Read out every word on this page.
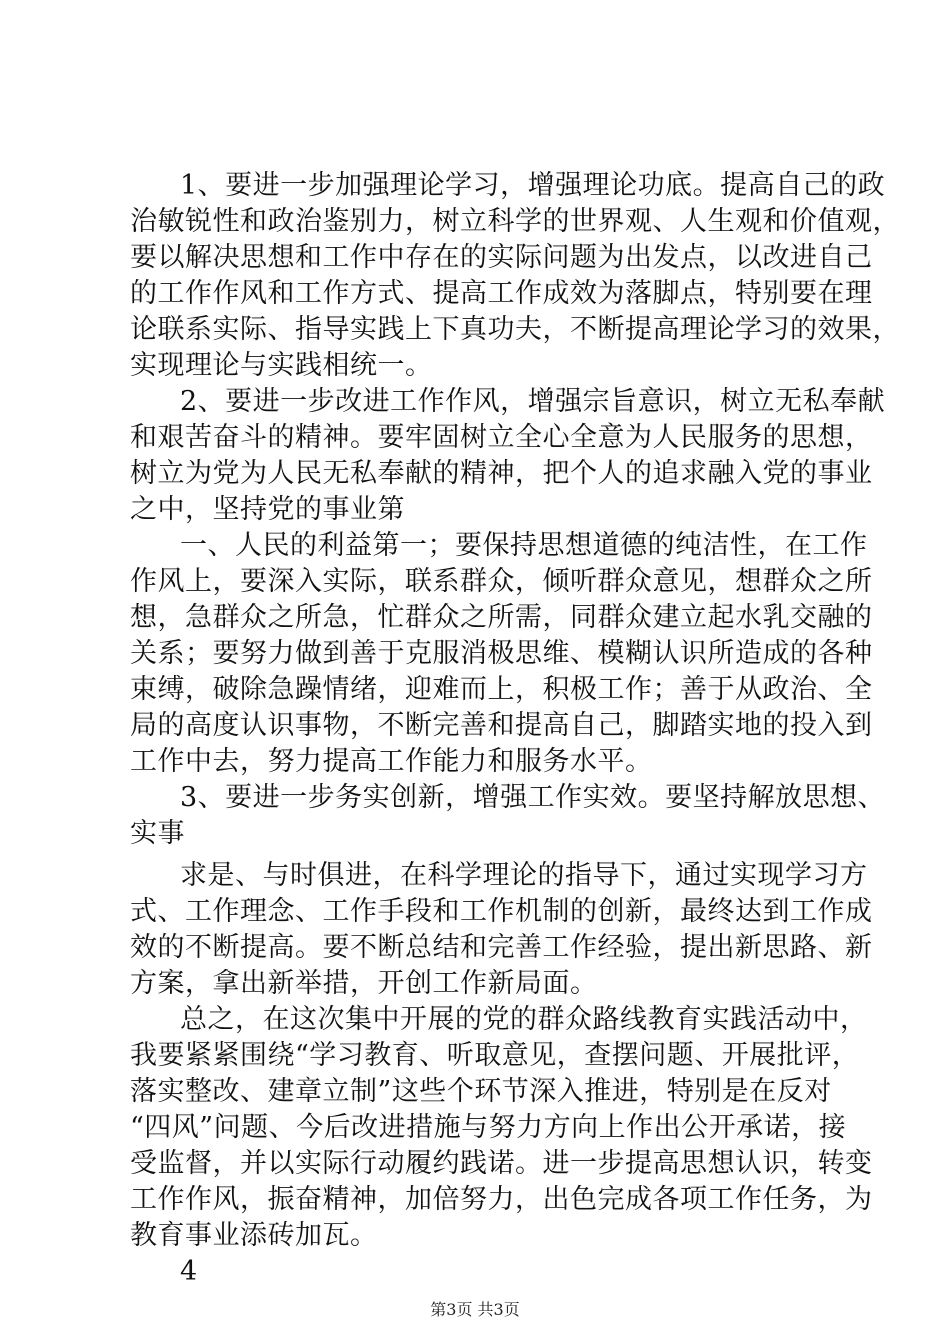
1、要进一步加强理论学习，增强理论功底。提高自己的政
治敏锐性和政治鉴别力，树立科学的世界观、人生观和价值观，
要以解决思想和工作中存在的实际问题为出发点，以改进自己
的工作作风和工作方式、提高工作成效为落脚点，特别要在理
论联系实际、指导实践上下真功夫，不断提高理论学习的效果，
实现理论与实践相统一。
2、要进一步改进工作作风，增强宗旨意识，树立无私奉献
和艰苦奋斗的精神。要牢固树立全心全意为人民服务的思想，
树立为党为人民无私奉献的精神，把个人的追求融入党的事业
之中，坚持党的事业第
一、人民的利益第一；要保持思想道德的纯洁性，在工作
作风上，要深入实际，联系群众，倾听群众意见，想群众之所
想，急群众之所急，忙群众之所需，同群众建立起水乳交融的
关系；要努力做到善于克服消极思维、模糊认识所造成的各种
束缚，破除急躁情绪，迎难而上，积极工作；善于从政治、全
局的高度认识事物，不断完善和提高自己，脚踏实地的投入到
工作中去，努力提高工作能力和服务水平。
3、要进一步务实创新，增强工作实效。要坚持解放思想、
实事
求是、与时俱进，在科学理论的指导下，通过实现学习方
式、工作理念、工作手段和工作机制的创新，最终达到工作成
效的不断提高。要不断总结和完善工作经验，提出新思路、新
方案，拿出新举措，开创工作新局面。
总之，在这次集中开展的党的群众路线教育实践活动中，
我要紧紧围绕“学习教育、听取意见，查摆问题、开展批评，
落实整改、建章立制”这些个环节深入推进，特别是在反对
“四风”问题、今后改进措施与努力方向上作出公开承诺，接
受监督，并以实际行动履约践诺。进一步提高思想认识，转变
工作作风，振奋精神，加倍努力，出色完成各项工作任务，为
教育事业添砖加瓦。
4
第3页 共3页
